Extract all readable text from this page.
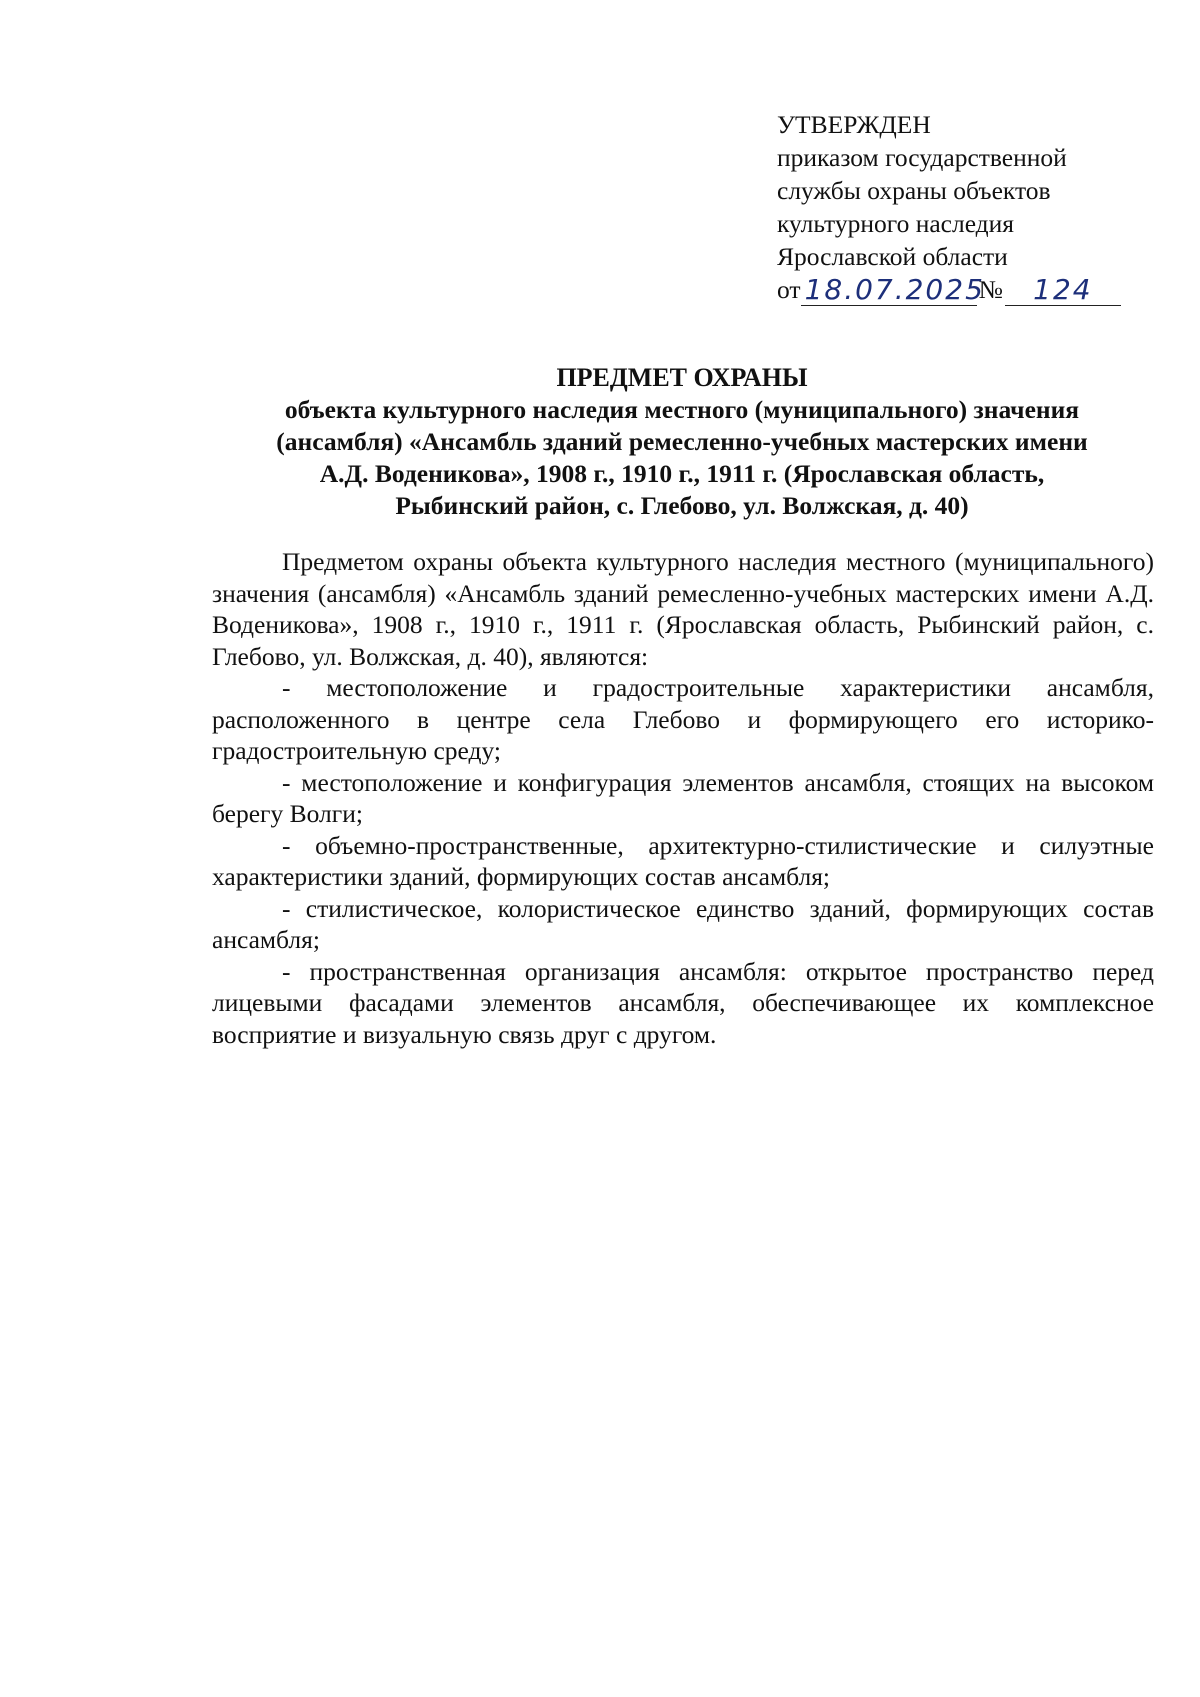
УТВЕРЖДЕН
приказом государственной
службы охраны объектов
культурного наследия
Ярославской области
от 18.07.2025
№	124
ПРЕДМЕТ ОХРАНЫ
объекта культурного наследия местного (муниципального) значения
(ансамбля) «Ансамбль зданий ремесленно-учебных мастерских имени
А.Д. Воденикова», 1908 г., 1910 г., 1911 г. (Ярославская область,
Рыбинский район, с. Глебово, ул. Волжская, д. 40)

Предметом охраны объекта культурного наследия местного (муниципального) значения (ансамбля) «Ансамбль зданий ремесленно-учебных мастерских имени А.Д. Воденикова», 1908 г., 1910 г., 1911 г. (Ярославская область, Рыбинский район, с. Глебово, ул. Волжская, д. 40), являются:

- местоположение и градостроительные характеристики ансамбля, расположенного в центре села Глебово и формирующего его историко-градостроительную среду;

- местоположение и конфигурация элементов ансамбля, стоящих на высоком берегу Волги;

- объемно-пространственные, архитектурно-стилистические и силуэтные характеристики зданий, формирующих состав ансамбля;

- стилистическое, колористическое единство зданий, формирующих состав ансамбля;

- пространственная организация ансамбля: открытое пространство перед лицевыми фасадами элементов ансамбля, обеспечивающее их комплексное восприятие и визуальную связь друг с другом.
